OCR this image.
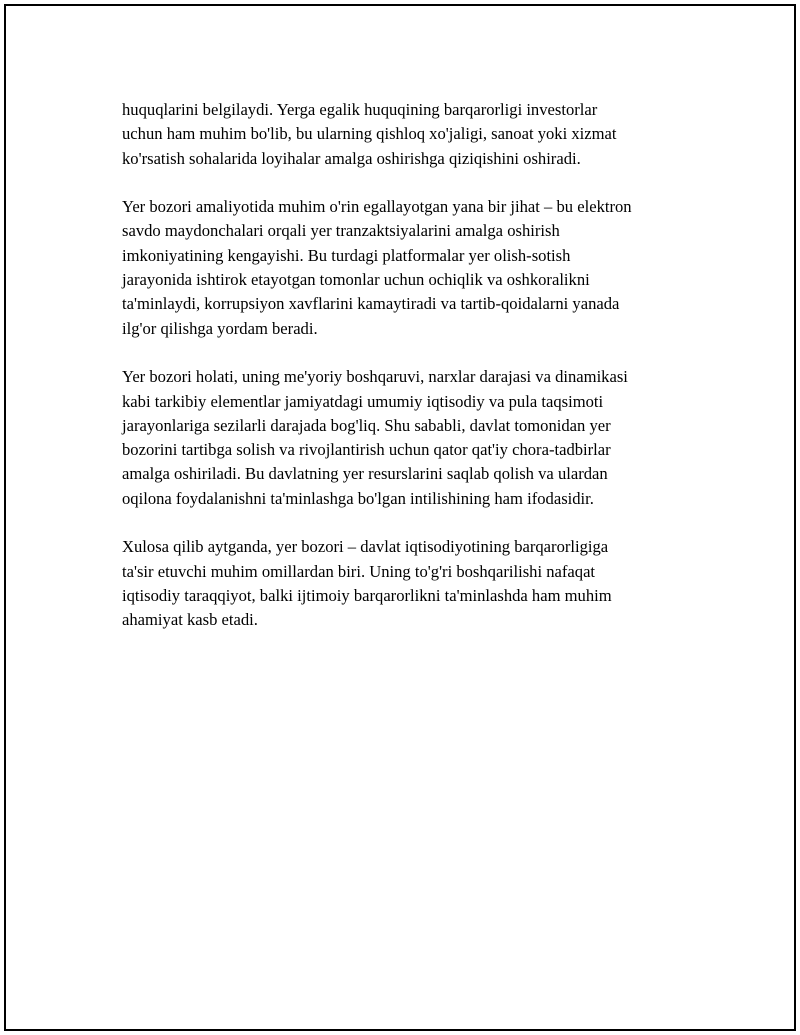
huquqlarini belgilaydi. Yerga egalik huquqining barqarorligi investorlar
uchun ham muhim bo'lib, bu ularning qishloq xo'jaligi, sanoat yoki xizmat
ko'rsatish sohalarida loyihalar amalga oshirishga qiziqishini oshiradi.

Yer bozori amaliyotida muhim o'rin egallayotgan yana bir jihat – bu elektron
savdo maydonchalari orqali yer tranzaktsiyalarini amalga oshirish
imkoniyatining kengayishi. Bu turdagi platformalar yer olish-sotish
jarayonida ishtirok etayotgan tomonlar uchun ochiqlik va oshkoralikni
ta'minlaydi, korrupsiyon xavflarini kamaytiradi va tartib-qoidalarni yanada
ilg'or qilishga yordam beradi.

Yer bozori holati, uning me'yoriy boshqaruvi, narxlar darajasi va dinamikasi
kabi tarkibiy elementlar jamiyatdagi umumiy iqtisodiy va pula taqsimoti
jarayonlariga sezilarli darajada bog'liq. Shu sababli, davlat tomonidan yer
bozorini tartibga solish va rivojlantirish uchun qator qat'iy chora-tadbirlar
amalga oshiriladi. Bu davlatning yer resurslarini saqlab qolish va ulardan
oqilona foydalanishni ta'minlashga bo'lgan intilishining ham ifodasidir.

Xulosa qilib aytganda, yer bozori – davlat iqtisodiyotining barqarorligiga
ta'sir etuvchi muhim omillardan biri. Uning to'g'ri boshqarilishi nafaqat
iqtisodiy taraqqiyot, balki ijtimoiy barqarorlikni ta'minlashda ham muhim
ahamiyat kasb etadi.
